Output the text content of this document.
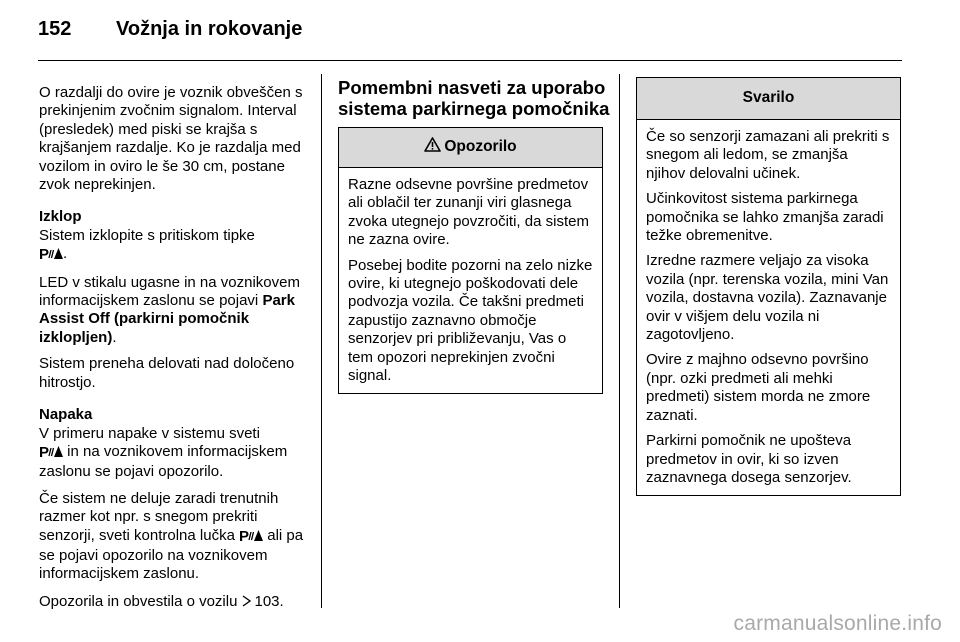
152	Vožnja in rokovanje

O razdalji do ovire je voznik obveščen s prekinjenim zvočnim signalom. Interval (presledek) med piski se krajša s krajšanjem razdalje. Ko je razdalja med vozilom in oviro le še 30 cm, postane zvok neprekinjen.

Izklop

Sistem izklopite s pritiskom tipke

P .

LED v stikalu ugasne in na voznikovem informacijskem zaslonu se pojavi Park Assist Off (parkirni pomočnik izklopljen).

Sistem preneha delovati nad določeno hitrostjo.

Napaka

V primeru napake v sistemu sveti

P in na voznikovem informacijskem zaslonu se pojavi opozorilo.

Če sistem ne deluje zaradi trenutnih razmer kot npr. s snegom prekriti senzorji, sveti kontrolna lučka P ali pa se pojavi opozorilo na voznikovem informacijskem zaslonu.

Opozorila in obvestila o vozilu  103.

Pomembni nasveti za uporabo sistema parkirnega pomočnika
Opozorilo

Razne odsevne površine predmetov ali oblačil ter zunanji viri glasnega zvoka utegnejo povzročiti, da sistem ne zazna ovire.

Posebej bodite pozorni na zelo nizke ovire, ki utegnejo poškodovati dele podvozja vozila. Če takšni predmeti zapustijo zaznavno območje senzorjev pri približevanju, Vas o tem opozori neprekinjen zvočni signal.

Svarilo

Če so senzorji zamazani ali prekriti s snegom ali ledom, se zmanjša njihov delovalni učinek.

Učinkovitost sistema parkirnega pomočnika se lahko zmanjša zaradi težke obremenitve.

Izredne razmere veljajo za visoka vozila (npr. terenska vozila, mini Van vozila, dostavna vozila). Zaznavanje ovir v višjem delu vozila ni zagotovljeno.

Ovire z majhno odsevno površino (npr. ozki predmeti ali mehki predmeti) sistem morda ne zmore zaznati.

Parkirni pomočnik ne upošteva predmetov in ovir, ki so izven zaznavnega dosega senzorjev.

carmanualsonline.info
